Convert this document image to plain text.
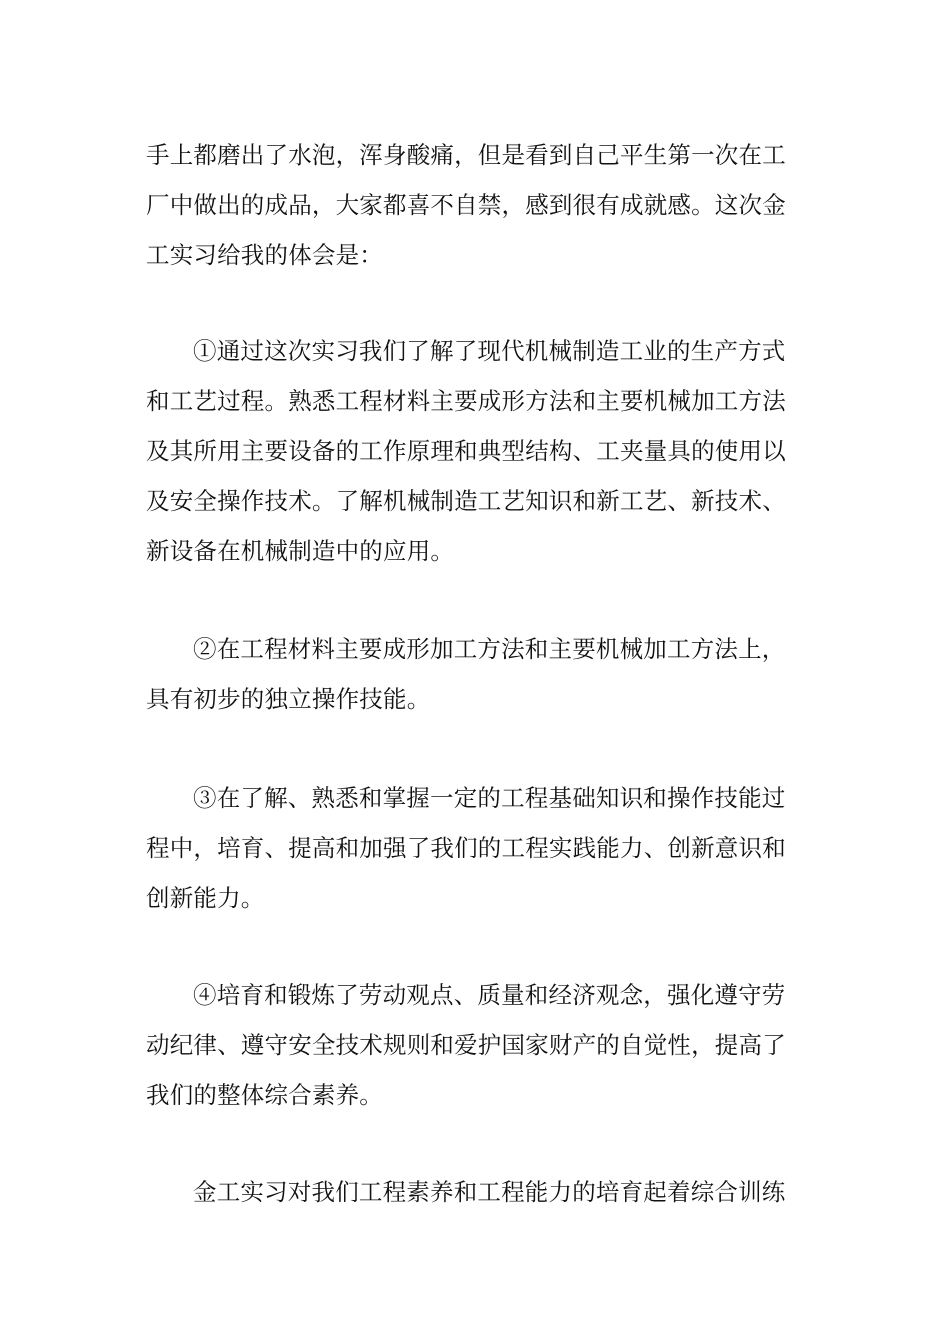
手上都磨出了水泡，浑身酸痛，但是看到自己平生第一次在工
厂中做出的成品，大家都喜不自禁，感到很有成就感。这次金
工实习给我的体会是：
①通过这次实习我们了解了现代机械制造工业的生产方式
和工艺过程。熟悉工程材料主要成形方法和主要机械加工方法
及其所用主要设备的工作原理和典型结构、工夹量具的使用以
及安全操作技术。了解机械制造工艺知识和新工艺、新技术、
新设备在机械制造中的应用。
②在工程材料主要成形加工方法和主要机械加工方法上，
具有初步的独立操作技能。
③在了解、熟悉和掌握一定的工程基础知识和操作技能过
程中，培育、提高和加强了我们的工程实践能力、创新意识和
创新能力。
④培育和锻炼了劳动观点、质量和经济观念，强化遵守劳
动纪律、遵守安全技术规则和爱护国家财产的自觉性，提高了
我们的整体综合素养。
金工实习对我们工程素养和工程能力的培育起着综合训练
